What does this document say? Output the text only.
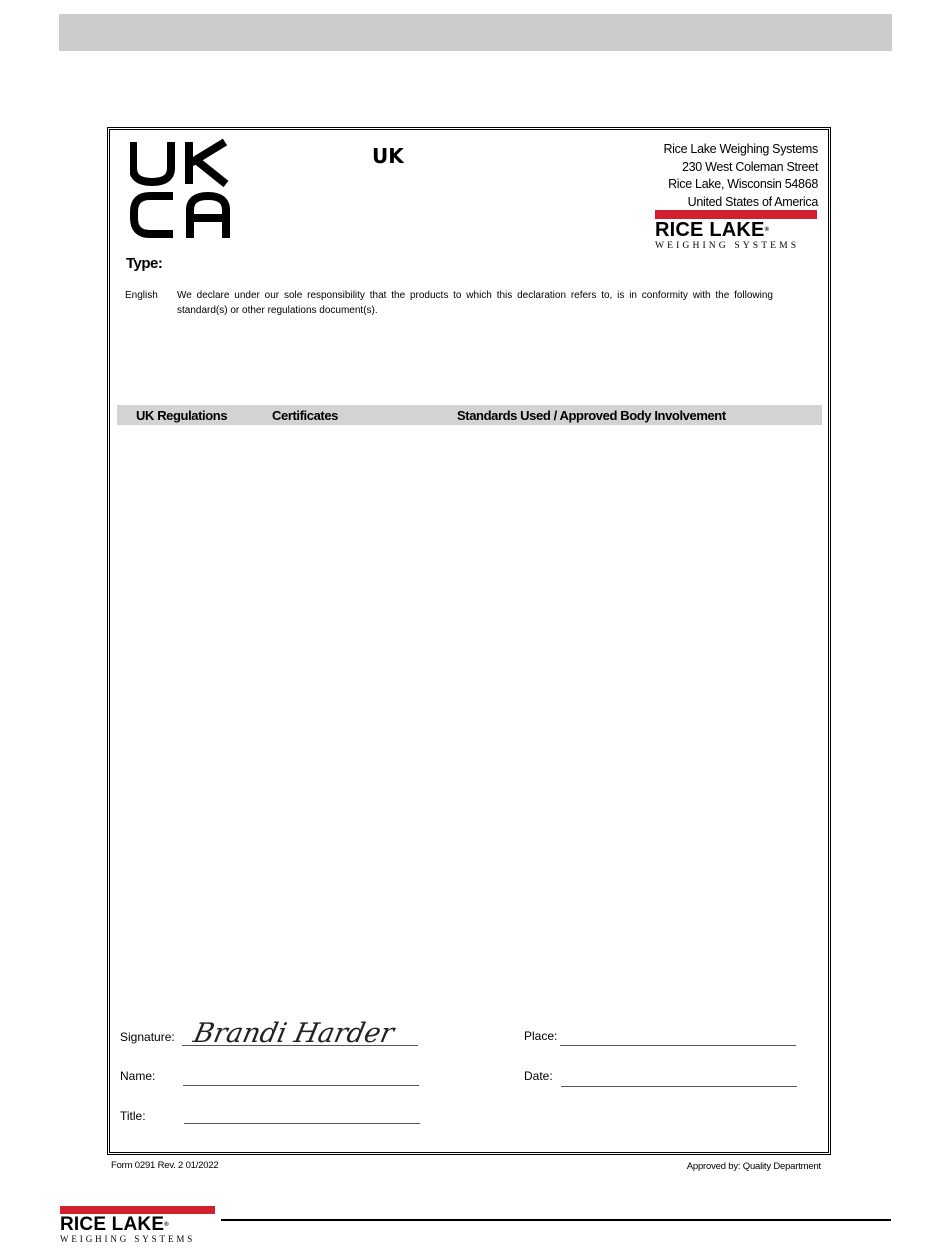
UK
Type:
Rice Lake Weighing Systems
230 West Coleman Street
Rice Lake, Wisconsin 54868
United States of America
RICE LAKE®
WEIGHING SYSTEMS
English We declare under our sole responsibility that the products to which this declaration refers to, is in conformity with the following standard(s) or other regulations document(s).
UK Regulations	Certificates	Standards Used / Approved Body Involvement
Signature: Brandi Harder
Name:
Title:
Place:
Date:
Form 0291 Rev. 2 01/2022	Approved by: Quality Department
RICE LAKE®
WEIGHING SYSTEMS
